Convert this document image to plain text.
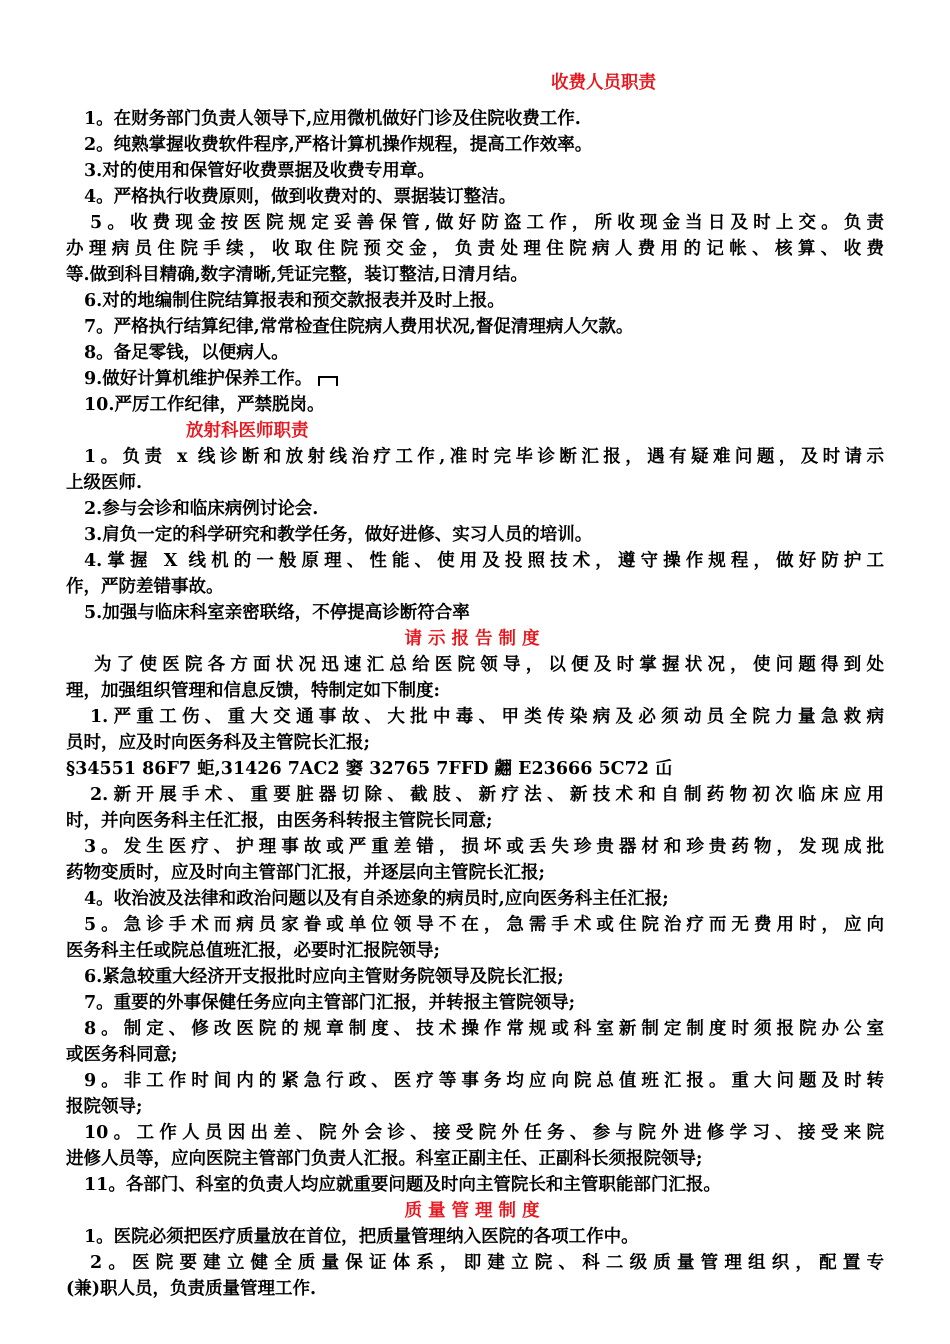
收费人员职责
1。在财务部门负责人领导下,应用微机做好门诊及住院收费工作.
2。纯熟掌握收费软件程序,严格计算机操作规程，提高工作效率。
3.对的使用和保管好收费票据及收费专用章。
4。严格执行收费原则，做到收费对的、票据装订整洁。
5。收费现金按医院规定妥善保管,做好防盗工作，所收现金当日及时上交。负责
办理病员住院手续，收取住院预交金，负责处理住院病人费用的记帐、核算、收费
等.做到科目精确,数字清晰,凭证完整，装订整洁,日清月结。
6.对的地编制住院结算报表和预交款报表并及时上报。
7。严格执行结算纪律,常常检查住院病人费用状况,督促清理病人欠款。
8。备足零钱，以便病人。
9.做好计算机维护保养工作。
10.严厉工作纪律，严禁脱岗。
放射科医师职责
1。负责 x 线诊断和放射线治疗工作,准时完毕诊断汇报，遇有疑难问题，及时请示
上级医师.
2.参与会诊和临床病例讨论会.
3.肩负一定的科学研究和教学任务，做好进修、实习人员的培训。
4.掌握 X 线机的一般原理、性能、使用及投照技术，遵守操作规程，做好防护工
作，严防差错事故。
5.加强与临床科室亲密联络，不停提高诊断符合率
请示报告制度
为了使医院各方面状况迅速汇总给医院领导，以便及时掌握状况，使问题得到处
理，加强组织管理和信息反馈，特制定如下制度:
1.严重工伤、重大交通事故、大批中毒、甲类传染病及必须动员全院力量急救病
员时，应及时向医务科及主管院长汇报;
§34551 86F7 蚷,31426 7AC2 窭 32765 7FFD 翽 E23666 5C72 屲
2.新开展手术、重要脏器切除、截肢、新疗法、新技术和自制药物初次临床应用
时，并向医务科主任汇报，由医务科转报主管院长同意;
3。发生医疗、护理事故或严重差错，损坏或丢失珍贵器材和珍贵药物，发现成批
药物变质时，应及时向主管部门汇报，并逐层向主管院长汇报;
4。收治波及法律和政治问题以及有自杀迹象的病员时,应向医务科主任汇报;
5。急诊手术而病员家眷或单位领导不在，急需手术或住院治疗而无费用时，应向
医务科主任或院总值班汇报，必要时汇报院领导;
6.紧急较重大经济开支报批时应向主管财务院领导及院长汇报;
7。重要的外事保健任务应向主管部门汇报，并转报主管院领导;
8。制定、修改医院的规章制度、技术操作常规或科室新制定制度时须报院办公室
或医务科同意;
9。非工作时间内的紧急行政、医疗等事务均应向院总值班汇报。重大问题及时转
报院领导;
10。工作人员因出差、院外会诊、接受院外任务、参与院外进修学习、接受来院
进修人员等，应向医院主管部门负责人汇报。科室正副主任、正副科长须报院领导;
11。各部门、科室的负责人均应就重要问题及时向主管院长和主管职能部门汇报。
质量管理制度
1。医院必须把医疗质量放在首位，把质量管理纳入医院的各项工作中。
2。医院要建立健全质量保证体系，即建立院、科二级质量管理组织，配置专
(兼)职人员，负责质量管理工作.
